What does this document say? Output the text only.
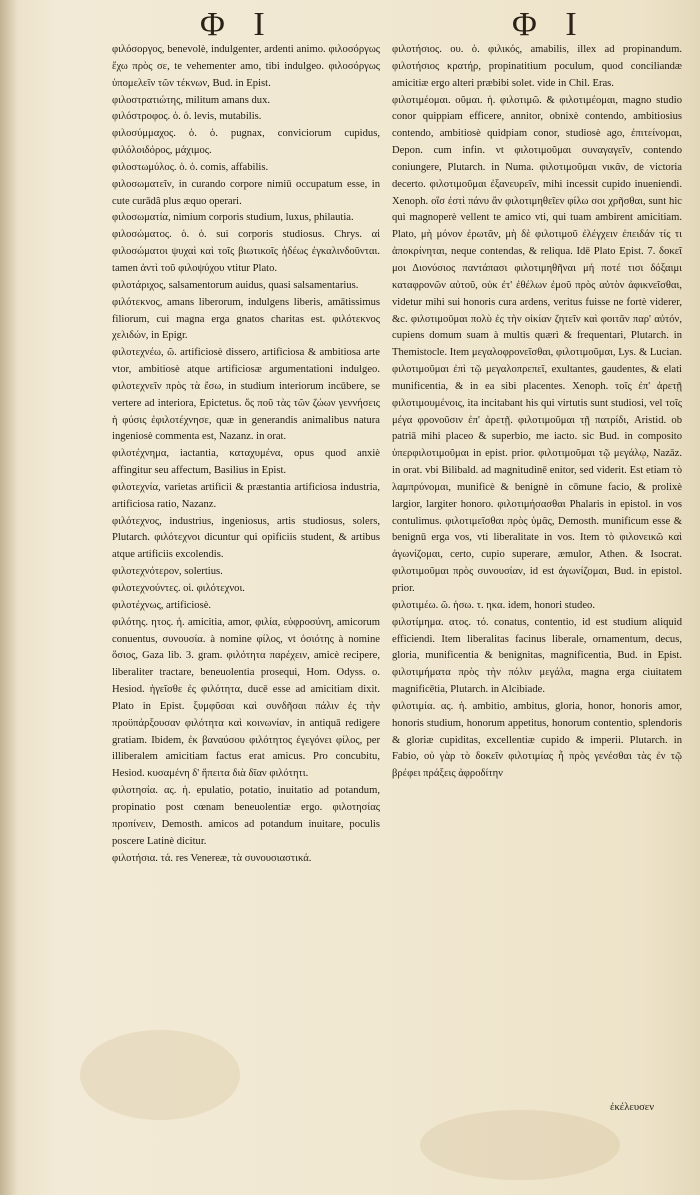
Φ I	Φ I

φιλόσοργος, benevolè, indulgenter, ardenti animo. φιλοσόργως ἔχω πρὸς σε, te vehementer amo, tibi indulgeo. φιλοσόργως ὑπομελεῖν τῶν τέκνων, Bud. in Epist.

φιλοστρατιώτης, militum amans dux.

φιλόστροφος. ὁ. ὁ. levis, mutabilis.

φιλοσύμμαχος. ὁ. ὁ. pugnax, conviciorum cupidus, φιλόλοιδόρος, μάχιμος.

φιλοστωμύλος. ὁ. ὁ. comis, affabilis.

φιλοσωματεῖν, in curando corpore nimiū occupatum esse, in cute curādâ plus æquo operari.

φιλοσωματία, nimium corporis studium, luxus, philautia.

φιλοσώματος. ὁ. ὁ. sui corporis studiosus. Chrys. αἱ φιλοσώματοι ψυχαὶ καὶ τοῖς βιωτικοῖς ἡδέως ἐγκαλινδοῦνται. tamen ἀντὶ τοῦ φιλοψύχου vtitur Plato.

φιλοτάριχος, salsamentorum auidus, quasi salsamentarius.

φιλότεκνος, amans liberorum, indulgens liberis, amātissimus filiorum, cui magna erga gnatos charitas est. φιλότεκνος χελιδών, in Epigr.

φιλοτεχνέω, ῶ. artificiosè dissero, artificiosa & ambitiosa arte vtor, ambitiosè atque artificiosæ argumentationi indulgeo. φιλοτεχνεῖν πρὸς τὰ ἔσω, in studium interiorum incūbere, se vertere ad interiora, Epictetus. ὅς ποῦ τὰς τῶν ζώων γεννήσεις ἡ φύσις ἐφιλοτέχνησε, quæ in generandis animalibus natura ingeniosè commenta est, Nazanz. in orat.

φιλοτέχνημα, iactantia, καταχυμένα, opus quod anxiè affingitur seu affectum, Basilius in Epist.

φιλοτεχνία, varietas artificii & præstantia artificiosa industria, artificiosa ratio, Nazanz.

φιλότεχνος, industrius, ingeniosus, artis studiosus, solers, Plutarch. φιλότεχνοι dicuntur qui opificiis student, & artibus atque artificiis excolendis.

φιλοτεχνότερον, solertius.

φιλοτεχνούντες. οἱ. φιλότεχνοι.

φιλοτέχνως, artificiosè.

φιλότης. ητος. ἡ. amicitia, amor, φιλία, εὐφροσύνη, amicorum conuentus, συνουσία. à nomine φίλος, vt ὁσιότης à nomine ὅσιος, Gaza lib. 3. gram. φιλότητα παρέχειν, amicè recipere, liberaliter tractare, beneuolentia prosequi, Hom. Odyss. ο. Hesiod. ἡγεῖσθε ἐς φιλότητα, ducē esse ad amicitiam dixit. Plato in Epist. ξυμφῦσαι καὶ συνδῆσαι πάλιν ἐς τὴν προϋπάρξουσαν φιλότητα καὶ κοινωνίαν, in antiquā redigere gratiam. Ibidem, ἐκ βαναύσου φιλότητος ἐγεγόνει φίλος, per illiberalem amicitiam factus erat amicus. Pro concubitu, Hesiod. κυσαμένη δ' ἥπειτα διὰ δῖαν φιλότητι.

φιλοτησία. ας. ἡ. epulatio, potatio, inuitatio ad potandum, propinatio post cœnam beneuolentiæ ergo. φιλοτησίας προπίνειν, Demosth. amicos ad potandum inuitare, poculis poscere Latinè dicitur.

φιλοτήσια. τά. res Venereæ, τὰ συνουσιαστικά.

φιλοτήσιος. ου. ὁ. φιλικός, amabilis, illex ad propinandum. φιλοτήσιος κρατήρ, propinatitium poculum, quod conciliandæ amicitiæ ergo alteri præbibi solet. vide in Chil. Eras.

φιλοτιμέομαι. οῦμαι. ἡ. φιλοτιμῶ. & φιλοτιμέομαι, magno studio conor quippiam efficere, annitor, obnixè contendo, ambitiosius contendo, ambitiosè quidpiam conor, studiosè ago, ἐπιτείνομαι, Depon. cum infin. vt φιλοτιμοῦμαι συναγαγεῖν, contendo coniungere, Plutarch. in Numa. φιλοτιμοῦμαι νικᾶν, de victoria decerto. φιλοτιμοῦμαι ἐξανευρεῖν, mihi incessit cupido inueniendi. Xenoph. οἵσ ἐστὶ πάνυ ἂν φιλοτιμηθεῖεν φίλω σοι χρῆσθαι, sunt hic qui magnoperè vellent te amico vti, qui tuam ambirent amicitiam. Plato, μὴ μόνον ἐρωτᾶν, μὴ δὲ φιλοτιμοῦ ἐλέγχειν ἐπειδάν τίς τι ἀποκρίνηται, neque contendas, & reliqua. Idē Plato Epist. 7. δοκεῖ μοι Διονύσιος παντάπασι φιλοτιμηθῆναι μή ποτέ τισι δόξαιμι καταφρονῶν αὐτοῦ, οὐκ ἐτ' ἐθέλων ἐμοῦ πρὸς αὐτὸν ἀφικνεῖσθαι, videtur mihi sui honoris cura ardens, veritus fuisse ne fortè viderer, &c. φιλοτιμοῦμαι πολὺ ἐς τὴν οἰκίαν ζητεῖν καὶ φοιτᾶν παρ' αὐτόν, cupiens domum suam à multis quærì & frequentari, Plutarch. in Themistocle. Item μεγαλοφρονεῖσθαι, φιλοτιμοῦμαι, Lys. & Lucian. φιλοτιμοῦμαι ἐπὶ τῷ μεγαλοπρεπεῖ, exultantes, gaudentes, & elati munificentia, & in ea sibi placentes. Xenoph. τοῖς ἐπ' ἀρετῇ φιλοτιμουμένοις, ita incitabant his qui virtutis sunt studiosi, vel τοῖς μέγα φρονοῦσιν ἐπ' ἀρετῇ. φιλοτιμοῦμαι τῇ πατρίδι, Aristid. ob patriā mihi placeo & superbio, me iacto. sic Bud. in composito ὑπερφιλοτιμοῦμαι in epist. prior. φιλοτιμοῦμαι τῷ μεγάλῳ, Nazāz. in orat. vbi Bilibald. ad magnitudinē enitor, sed viderit. Est etiam τὸ λαμπρύνομαι, munificè & benignè in cōmune facio, & prolixè largior, largiter honoro. φιλοτιμήσασθαι Phalaris in epistol. in vos contulimus. φιλοτιμεῖσθαι πρὸς ὑμᾶς, Demosth. munificum esse & benignū erga vos, vti liberalitate in vos. Item τὸ φιλονεικῶ καὶ ἀγωνίζομαι, certo, cupio superare, æmulor, Athen. & Isocrat. φιλοτιμοῦμαι πρὸς συνουσίαν, id est ἀγωνίζομαι, Bud. in epistol. prior.

φιλοτιμέω. ῶ. ἡσω. τ. ηκα. idem, honori studeo.

φιλοτίμημα. ατος. τό. conatus, contentio, id est studium aliquid efficiendi. Item liberalitas facinus liberale, ornamentum, decus, gloria, munificentia & benignitas, magnificentia, Bud. in Epist. φιλοτιμήματα πρὸς τὴν πόλιν μεγάλα, magna erga ciuitatem magnificētia, Plutarch. in Alcibiade.

φιλοτιμία. ας. ἡ. ambitio, ambitus, gloria, honor, honoris amor, honoris studium, honorum appetitus, honorum contentio, splendoris & gloriæ cupiditas, excellentiæ cupido & imperii. Plutarch. in Fabio, οὐ γὰρ τὸ δοκεῖν φιλοτιμίας ἦ πρὸς γενέσθαι τὰς ἐν τῷ βρέφει πράξεις ἀφροδίτην

ἐκέλευσεν
